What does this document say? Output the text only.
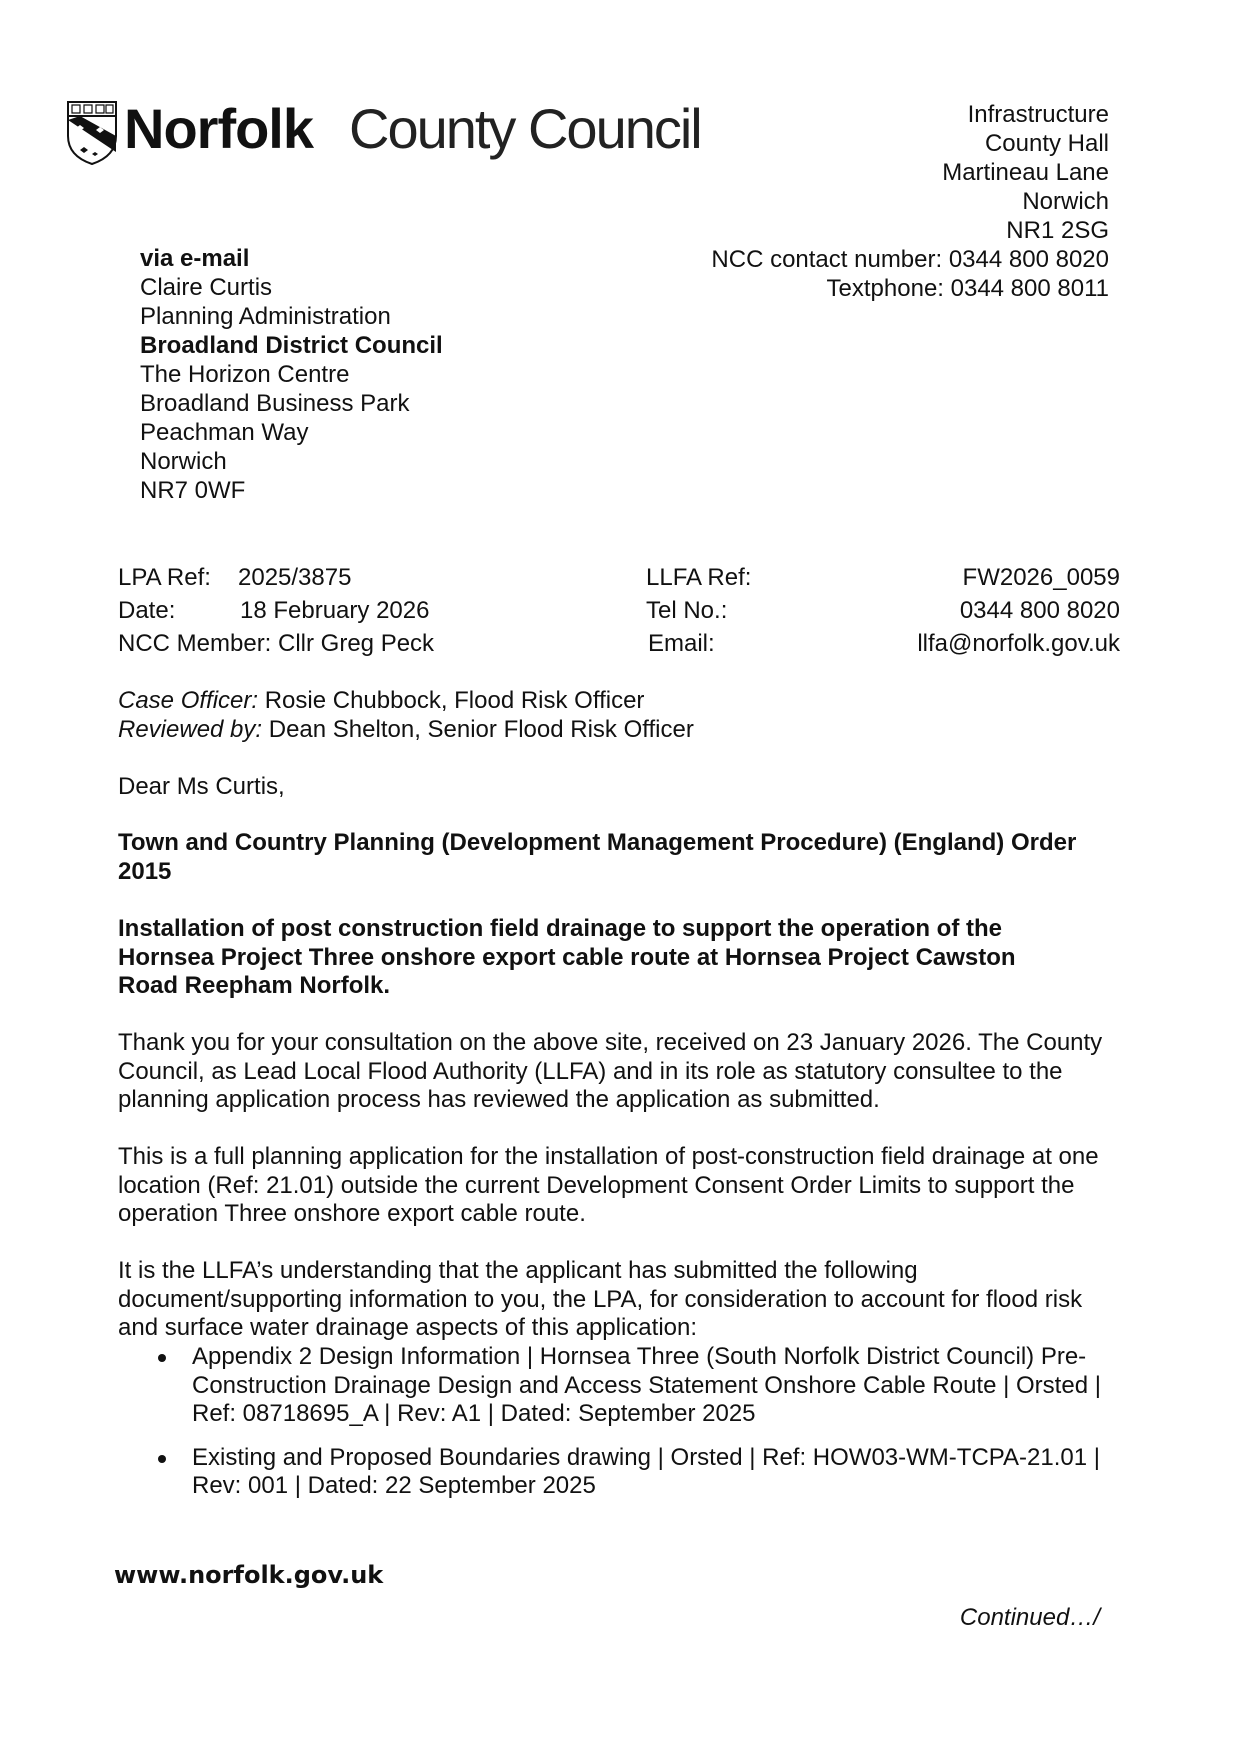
Norfolk County Council	Infrastructure
County Hall
Martineau Lane
Norwich
NR1 2SG
NCC contact number: 0344 800 8020
Textphone: 0344 800 8011
via e-mail
Claire Curtis
Planning Administration
Broadland District Council
The Horizon Centre
Broadland Business Park
Peachman Way
Norwich
NR7 0WF
LPA Ref: 2025/3875
Date:	18 February 2026
NCC Member: Cllr Greg Peck
LLFA Ref:
Tel No.:
Email:
FW2026_0059
0344 800 8020
llfa@norfolk.gov.uk
Case Officer: Rosie Chubbock, Flood Risk Officer
Reviewed by: Dean Shelton, Senior Flood Risk Officer

Dear Ms Curtis,

Town and Country Planning (Development Management Procedure) (England) Order 2015

Installation of post construction field drainage to support the operation of the Hornsea Project Three onshore export cable route at Hornsea Project Cawston Road Reepham Norfolk.

Thank you for your consultation on the above site, received on 23 January 2026. The County Council, as Lead Local Flood Authority (LLFA) and in its role as statutory consultee to the planning application process has reviewed the application as submitted.

This is a full planning application for the installation of post-construction field drainage at one location (Ref: 21.01) outside the current Development Consent Order Limits to support the operation Three onshore export cable route.

It is the LLFA’s understanding that the applicant has submitted the following document/supporting information to you, the LPA, for consideration to account for flood risk and surface water drainage aspects of this application:

Appendix 2 Design Information | Hornsea Three (South Norfolk District Council) Pre-Construction Drainage Design and Access Statement Onshore Cable Route | Orsted | Ref: 08718695_A | Rev: A1 | Dated: September 2025
Existing and Proposed Boundaries drawing | Orsted | Ref: HOW03-WM-TCPA-21.01 | Rev: 001 | Dated: 22 September 2025
www.norfolk.gov.uk
Continued…/
